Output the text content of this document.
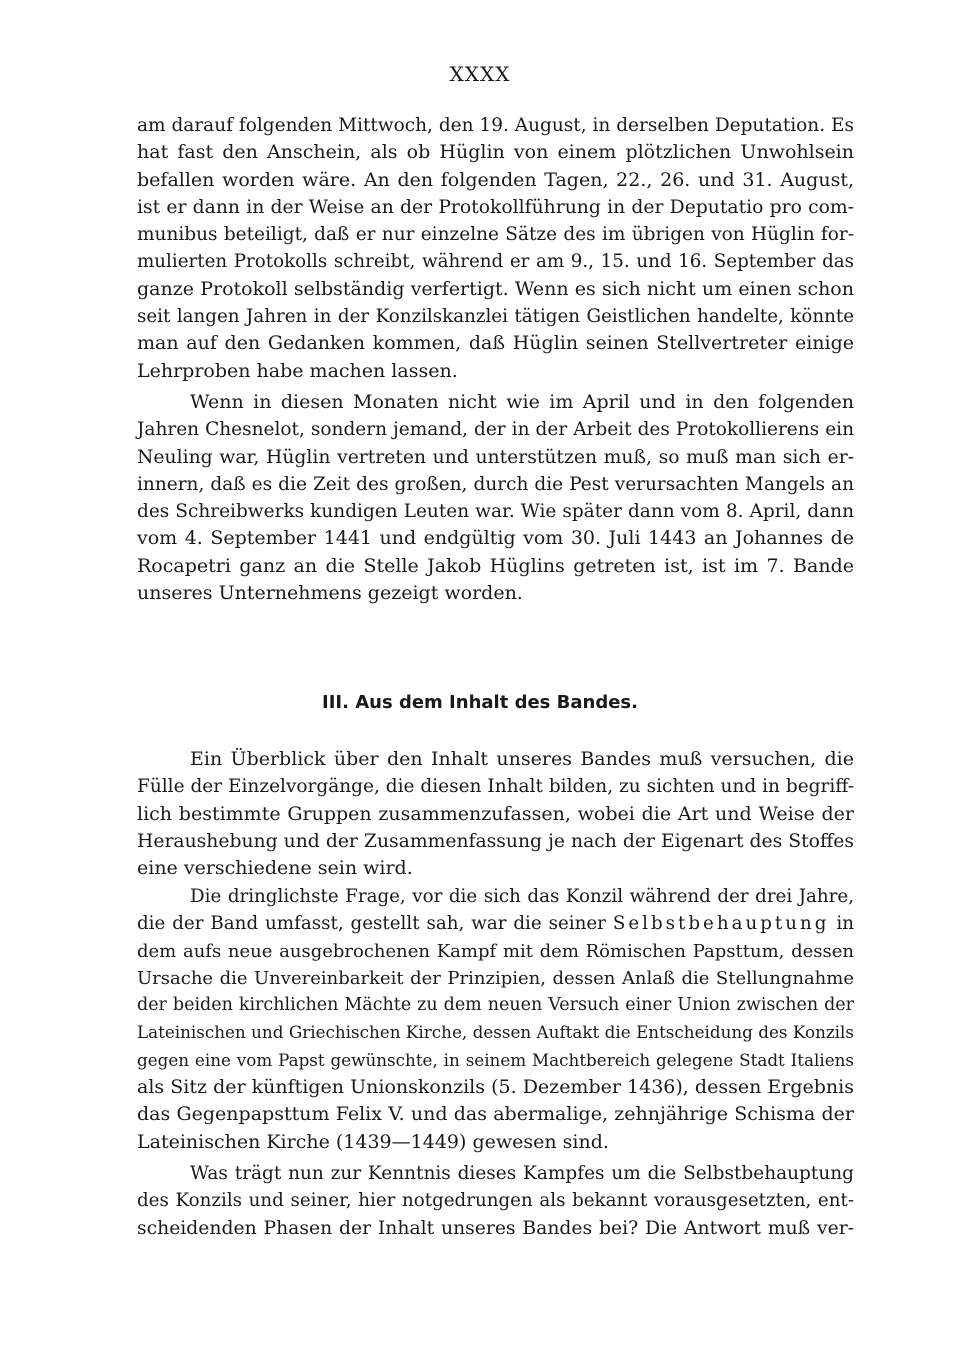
XXXX
am darauf folgenden Mittwoch, den 19. August, in derselben Deputation. Es
hat fast den Anschein, als ob Hüglin von einem plötzlichen Unwohlsein
befallen worden wäre. An den folgenden Tagen, 22., 26. und 31. August,
ist er dann in der Weise an der Protokollführung in der Deputatio pro com-
munibus beteiligt, daß er nur einzelne Sätze des im übrigen von Hüglin for-
mulierten Protokolls schreibt, während er am 9., 15. und 16. September das
ganze Protokoll selbständig verfertigt. Wenn es sich nicht um einen schon
seit langen Jahren in der Konzilskanzlei tätigen Geistlichen handelte, könnte
man auf den Gedanken kommen, daß Hüglin seinen Stellvertreter einige
Lehrproben habe machen lassen.
Wenn in diesen Monaten nicht wie im April und in den folgenden
Jahren Chesnelot, sondern jemand, der in der Arbeit des Protokollierens ein
Neuling war, Hüglin vertreten und unterstützen muß, so muß man sich er-
innern, daß es die Zeit des großen, durch die Pest verursachten Mangels an
des Schreibwerks kundigen Leuten war. Wie später dann vom 8. April, dann
vom 4. September 1441 und endgültig vom 30. Juli 1443 an Johannes de
Rocapetri ganz an die Stelle Jakob Hüglins getreten ist, ist im 7. Bande
unseres Unternehmens gezeigt worden.
III. Aus dem Inhalt des Bandes.
Ein Überblick über den Inhalt unseres Bandes muß versuchen, die
Fülle der Einzelvorgänge, die diesen Inhalt bilden, zu sichten und in begriff-
lich bestimmte Gruppen zusammenzufassen, wobei die Art und Weise der
Heraushebung und der Zusammenfassung je nach der Eigenart des Stoffes
eine verschiedene sein wird.
Die dringlichste Frage, vor die sich das Konzil während der drei Jahre,
die der Band umfasst, gestellt sah, war die seiner Selbstbehauptung in
dem aufs neue ausgebrochenen Kampf mit dem Römischen Papsttum, dessen
Ursache die Unvereinbarkeit der Prinzipien, dessen Anlaß die Stellungnahme
der beiden kirchlichen Mächte zu dem neuen Versuch einer Union zwischen der
Lateinischen und Griechischen Kirche, dessen Auftakt die Entscheidung des Konzils
gegen eine vom Papst gewünschte, in seinem Machtbereich gelegene Stadt Italiens
als Sitz der künftigen Unionskonzils (5. Dezember 1436), dessen Ergebnis
das Gegenpapsttum Felix V. und das abermalige, zehnjährige Schisma der
Lateinischen Kirche (1439—1449) gewesen sind.
Was trägt nun zur Kenntnis dieses Kampfes um die Selbstbehauptung
des Konzils und seiner, hier notgedrungen als bekannt vorausgesetzten, ent-
scheidenden Phasen der Inhalt unseres Bandes bei? Die Antwort muß ver-
